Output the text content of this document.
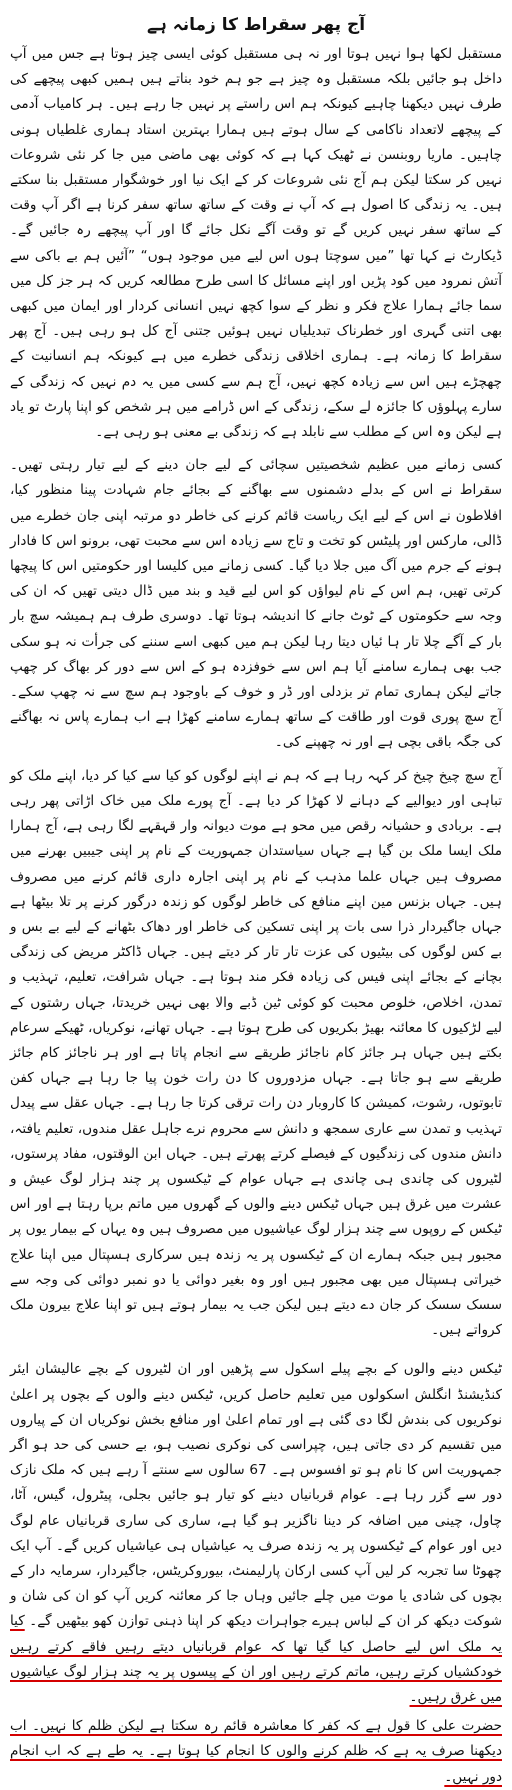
آج پھر سقراط کا زمانہ ہے

مستقبل لکھا ہوا نہیں ہوتا اور نہ ہی مستقبل کوئی ایسی چیز ہوتا ہے جس میں آپ داخل ہو جائیں بلکہ مستقبل وہ چیز ہے جو ہم خود بناتے ہیں ہمیں کبھی پیچھے کی طرف نہیں دیکھنا چاہیے کیونکہ ہم اس راستے پر نہیں جا رہے ہیں۔ ہر کامیاب آدمی کے پیچھے لاتعداد ناکامی کے سال ہوتے ہیں ہمارا بہترین استاد ہماری غلطیاں ہونی چاہیں۔ ماریا روبنسن نے ٹھیک کہا ہے کہ کوئی بھی ماضی میں جا کر نئی شروعات نہیں کر سکتا لیکن ہم آج نئی شروعات کر کے ایک نیا اور خوشگوار مستقبل بنا سکتے ہیں۔ یہ زندگی کا اصول ہے کہ آپ نے وقت کے ساتھ ساتھ سفر کرنا ہے اگر آپ وقت کے ساتھ سفر نہیں کریں گے تو وقت آگے نکل جائے گا اور آپ پیچھے رہ جائیں گے۔ ڈیکارٹ نے کہا تھا ”میں سوچتا ہوں اس لیے میں موجود ہوں“ ”آئیں ہم بے باکی سے آتش نمرود میں کود پڑیں اور اپنے مسائل کا اسی طرح مطالعہ کریں کہ ہر جز کل میں سما جائے ہمارا علاج فکر و نظر کے سوا کچھ نہیں انسانی کردار اور ایمان میں کبھی بھی اتنی گہری اور خطرناک تبدیلیاں نہیں ہوئیں جتنی آج کل ہو رہی ہیں۔ آج پھر سقراط کا زمانہ ہے۔ ہماری اخلاقی زندگی خطرے میں ہے کیونکہ ہم انسانیت کے چھچڑے ہیں اس سے زیادہ کچھ نہیں، آج ہم سے کسی میں یہ دم نہیں کہ زندگی کے سارے پہلوؤں کا جائزہ لے سکے، زندگی کے اس ڈرامے میں ہر شخص کو اپنا پارٹ تو یاد ہے لیکن وہ اس کے مطلب سے نابلد ہے کہ زندگی بے معنی ہو رہی ہے۔

کسی زمانے میں عظیم شخصیتیں سچائی کے لیے جان دینے کے لیے تیار رہتی تھیں۔ سقراط نے اس کے بدلے دشمنوں سے بھاگنے کے بجائے جام شہادت پینا منظور کیا، افلاطون نے اس کے لیے ایک ریاست قائم کرنے کی خاطر دو مرتبہ اپنی جان خطرے میں ڈالی، مارکس اور پلیٹس کو تخت و تاج سے زیادہ اس سے محبت تھی، برونو اس کا فادار ہونے کے جرم میں آگ میں جلا دیا گیا۔ کسی زمانے میں کلیسا اور حکومتیں اس کا پیچھا کرتی تھیں، ہم اس کے نام لیواؤں کو اس لیے قید و بند میں ڈال دیتی تھیں کہ ان کی وجہ سے حکومتوں کے ٹوٹ جانے کا اندیشہ ہوتا تھا۔ دوسری طرف ہم ہمیشہ سچ بار بار کے آگے چلا تار ہا ئیاں دیتا رہا لیکن ہم میں کبھی اسے سننے کی جرأت نہ ہو سکی جب بھی ہمارے سامنے آیا ہم اس سے خوفزدہ ہو کے اس سے دور کر بھاگ کر چھپ جاتے لیکن ہماری تمام تر بزدلی اور ڈر و خوف کے باوجود ہم سچ سے نہ چھپ سکے۔ آج سچ پوری قوت اور طاقت کے ساتھ ہمارے سامنے کھڑا ہے اب ہمارے پاس نہ بھاگنے کی جگہ باقی بچی ہے اور نہ چھپنے کی۔

آج سچ چیخ چیخ کر کہہ رہا ہے کہ ہم نے اپنے لوگوں کو کیا سے کیا کر دیا، اپنے ملک کو تباہی اور دیوالیے کے دہانے لا کھڑا کر دیا ہے۔ آج پورے ملک میں خاک اڑاتی پھر رہی ہے۔ بربادی و حشیانہ رقص میں محو ہے موت دیوانہ وار قہقہے لگا رہی ہے، آج ہمارا ملک ایسا ملک بن گیا ہے جہاں سیاستدان جمہوریت کے نام پر اپنی جیبیں بھرنے میں مصروف ہیں جہاں علما مذہب کے نام پر اپنی اجارہ داری قائم کرنے میں مصروف ہیں۔ جہاں بزنس مین اپنے منافع کی خاطر لوگوں کو زندہ درگور کرنے پر تلا بیٹھا ہے جہاں جاگیردار ذرا سی بات پر اپنی تسکین کی خاطر اور دھاک بٹھانے کے لیے بے بس و بے کس لوگوں کی بیٹیوں کی عزت تار تار کر دیتے ہیں۔ جہاں ڈاکٹر مریض کی زندگی بچانے کے بجائے اپنی فیس کی زیادہ فکر مند ہوتا ہے۔ جہاں شرافت، تعلیم، تہذیب و تمدن، اخلاص، خلوص محبت کو کوئی ٹین ڈبے والا بھی نہیں خریدتا، جہاں رشتوں کے لیے لڑکیوں کا معائنہ بھیڑ بکریوں کی طرح ہوتا ہے۔ جہاں تھانے، نوکریاں، ٹھیکے سرعام بکتے ہیں جہاں ہر جائز کام ناجائز طریقے سے انجام پاتا ہے اور ہر ناجائز کام جائز طریقے سے ہو جاتا ہے۔ جہاں مزدوروں کا دن رات خون پیا جا رہا ہے جہاں کفن تابوتوں، رشوت، کمیشن کا کاروبار دن رات ترقی کرتا جا رہا ہے۔ جہاں عقل سے پیدل تہذیب و تمدن سے عاری سمجھ و دانش سے محروم نرے جاہل عقل مندوں، تعلیم یافتہ، دانش مندوں کی زندگیوں کے فیصلے کرتے پھرتے ہیں۔ جہاں ابن الوقتوں، مفاد پرستوں، لٹیروں کی چاندی ہی چاندی ہے جہاں عوام کے ٹیکسوں پر چند ہزار لوگ عیش و عشرت میں غرق ہیں جہاں ٹیکس دینے والوں کے گھروں میں ماتم برپا رہتا ہے اور اس ٹیکس کے روپوں سے چند ہزار لوگ عیاشیوں میں مصروف ہیں وہ یہاں کے بیمار یوں پر مجبور ہیں جبکہ ہمارے ان کے ٹیکسوں پر یہ زندہ ہیں سرکاری ہسپتال میں اپنا علاج خیراتی ہسپتال میں بھی مجبور ہیں اور وہ بغیر دوائی یا دو نمبر دوائی کی وجہ سے سسک سسک کر جان دے دیتے ہیں لیکن جب یہ بیمار ہوتے ہیں تو اپنا علاج بیرون ملک کرواتے ہیں۔

ٹیکس دینے والوں کے بچے پیلے اسکول سے پڑھیں اور ان لٹیروں کے بچے عالیشان ایئر کنڈیشنڈ انگلش اسکولوں میں تعلیم حاصل کریں، ٹیکس دینے والوں کے بچوں پر اعلیٰ نوکریوں کی بندش لگا دی گئی ہے اور تمام اعلیٰ اور منافع بخش نوکریاں ان کے پیاروں میں تقسیم کر دی جاتی ہیں، چپراسی کی نوکری نصیب ہو، بے حسی کی حد ہو اگر جمہوریت اس کا نام ہو تو افسوس ہے۔ 67 سالوں سے سنتے آ رہے ہیں کہ ملک نازک دور سے گزر رہا ہے۔ عوام قربانیاں دینے کو تیار ہو جائیں بجلی، پیٹرول، گیس، آٹا، چاول، چینی میں اضافہ کر دینا ناگزیر ہو گیا ہے، ساری کی ساری قربانیاں عام لوگ دیں اور عوام کے ٹیکسوں پر یہ زندہ صرف یہ عیاشیاں ہی عیاشیاں کریں گے۔ آپ ایک چھوٹا سا تجربہ کر لیں آپ کسی ارکان پارلیمنٹ، بیوروکریٹس، جاگیردار، سرمایہ دار کے بچوں کی شادی یا موت میں چلے جائیں وہاں جا کر معائنہ کریں آپ کو ان کی شان و شوکت دیکھ کر ان کے لباس ہیرے جواہرات دیکھ کر اپنا ذہنی توازن کھو بیٹھیں گے۔ کیا یہ ملک اس لیے حاصل کیا گیا تھا کہ عوام قربانیاں دیتے رہیں فاقے کرتے رہیں خودکشیاں کرتے رہیں، ماتم کرتے رہیں اور ان کے پیسوں پر یہ چند ہزار لوگ عیاشیوں میں غرق رہیں۔

حضرت علی کا قول ہے کہ کفر کا معاشرہ قائم رہ سکتا ہے لیکن ظلم کا نہیں۔ اب دیکھنا صرف یہ ہے کہ ظلم کرنے والوں کا انجام کیا ہوتا ہے۔ یہ طے ہے کہ اب انجام دور نہیں۔
